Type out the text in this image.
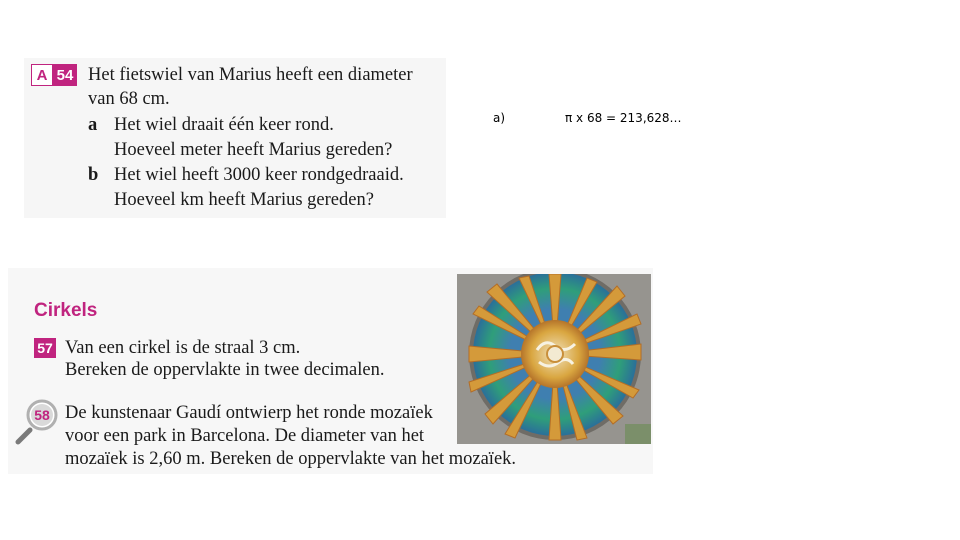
A 54 Het fietswiel van Marius heeft een diameter
van 68 cm.
a Het wiel draait één keer rond.
Hoeveel meter heeft Marius gereden?
b Het wiel heeft 3000 keer rondgedraaid.
Hoeveel km heeft Marius gereden?
Cirkels
57 Van een cirkel is de straal 3 cm.
Bereken de oppervlakte in twee decimalen.
58 De kunstenaar Gaudí ontwierp het ronde mozaïek
voor een park in Barcelona. De diameter van het
mozaïek is 2,60 m. Bereken de oppervlakte van het mozaïek.
a)	π x 68 = 213,628…
